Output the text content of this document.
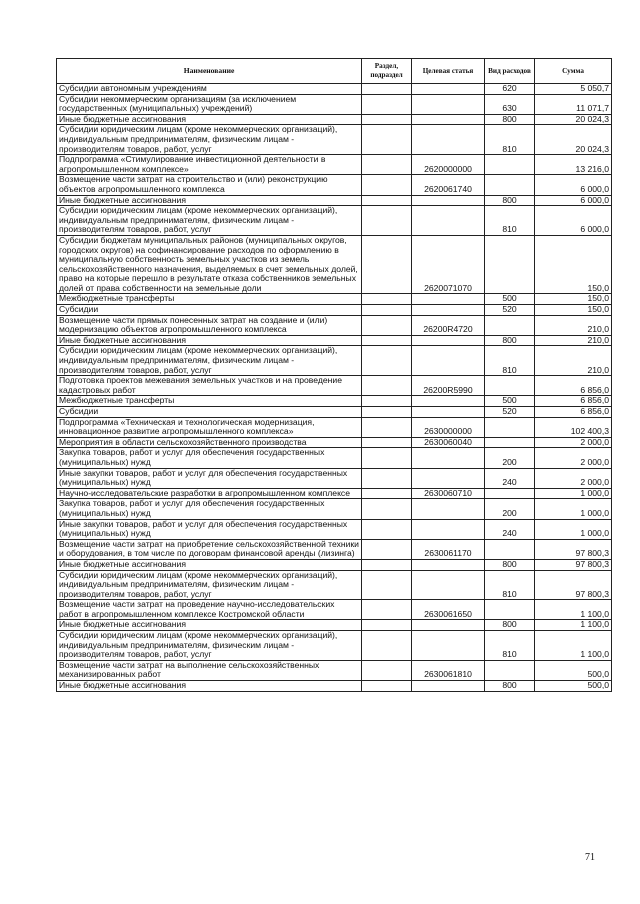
Наименование	Раздел, подраздел	Целевая статья	Вид расходов	Сумма
Субсидии автономным учреждениям			620	5 050,7
Субсидии некоммерческим организациям (за исключением государственных (муниципальных) учреждений)			630	11 071,7
Иные бюджетные ассигнования			800	20 024,3
Субсидии юридическим лицам (кроме некоммерческих организаций), индивидуальным предпринимателям, физическим лицам - производителям товаров, работ, услуг			810	20 024,3
Подпрограмма «Стимулирование инвестиционной деятельности в агропромышленном комплексе»		2620000000		13 216,0
Возмещение части затрат на строительство и (или) реконструкцию объектов агропромышленного комплекса		2620061740		6 000,0
Иные бюджетные ассигнования			800	6 000,0
Субсидии юридическим лицам (кроме некоммерческих организаций), индивидуальным предпринимателям, физическим лицам - производителям товаров, работ, услуг			810	6 000,0
Субсидии бюджетам муниципальных районов (муниципальных округов, городских округов) на софинансирование расходов по оформлению в муниципальную собственность земельных участков из земель сельскохозяйственного назначения, выделяемых в счет земельных долей, право на которые перешло в результате отказа собственников земельных долей от права собственности на земельные доли		2620071070		150,0
Межбюджетные трансферты			500	150,0
Субсидии			520	150,0
Возмещение части прямых понесенных затрат на создание и (или) модернизацию объектов агропромышленного комплекса		26200R4720		210,0
Иные бюджетные ассигнования			800	210,0
Субсидии юридическим лицам (кроме некоммерческих организаций), индивидуальным предпринимателям, физическим лицам - производителям товаров, работ, услуг			810	210,0
Подготовка проектов межевания земельных участков и на проведение кадастровых работ		26200R5990		6 856,0
Межбюджетные трансферты			500	6 856,0
Субсидии			520	6 856,0
Подпрограмма «Техническая и технологическая модернизация, инновационное развитие агропромышленного комплекса»		2630000000		102 400,3
Мероприятия в области сельскохозяйственного производства		2630060040		2 000,0
Закупка товаров, работ и услуг для обеспечения государственных (муниципальных) нужд			200	2 000,0
Иные закупки товаров, работ и услуг для обеспечения государственных (муниципальных) нужд			240	2 000,0
Научно-исследовательские разработки в агропромышленном комплексе		2630060710		1 000,0
Закупка товаров, работ и услуг для обеспечения государственных (муниципальных) нужд			200	1 000,0
Иные закупки товаров, работ и услуг для обеспечения государственных (муниципальных) нужд			240	1 000,0
Возмещение части затрат на приобретение сельскохозяйственной техники и оборудования, в том числе по договорам финансовой аренды (лизинга)		2630061170		97 800,3
Иные бюджетные ассигнования			800	97 800,3
Субсидии юридическим лицам (кроме некоммерческих организаций), индивидуальным предпринимателям, физическим лицам - производителям товаров, работ, услуг			810	97 800,3
Возмещение части затрат на проведение научно-исследовательских работ в агропромышленном комплексе Костромской области		2630061650		1 100,0
Иные бюджетные ассигнования			800	1 100,0
Субсидии юридическим лицам (кроме некоммерческих организаций), индивидуальным предпринимателям, физическим лицам - производителям товаров, работ, услуг			810	1 100,0
Возмещение части затрат на выполнение сельскохозяйственных механизированных работ		2630061810		500,0
Иные бюджетные ассигнования			800	500,0
71
